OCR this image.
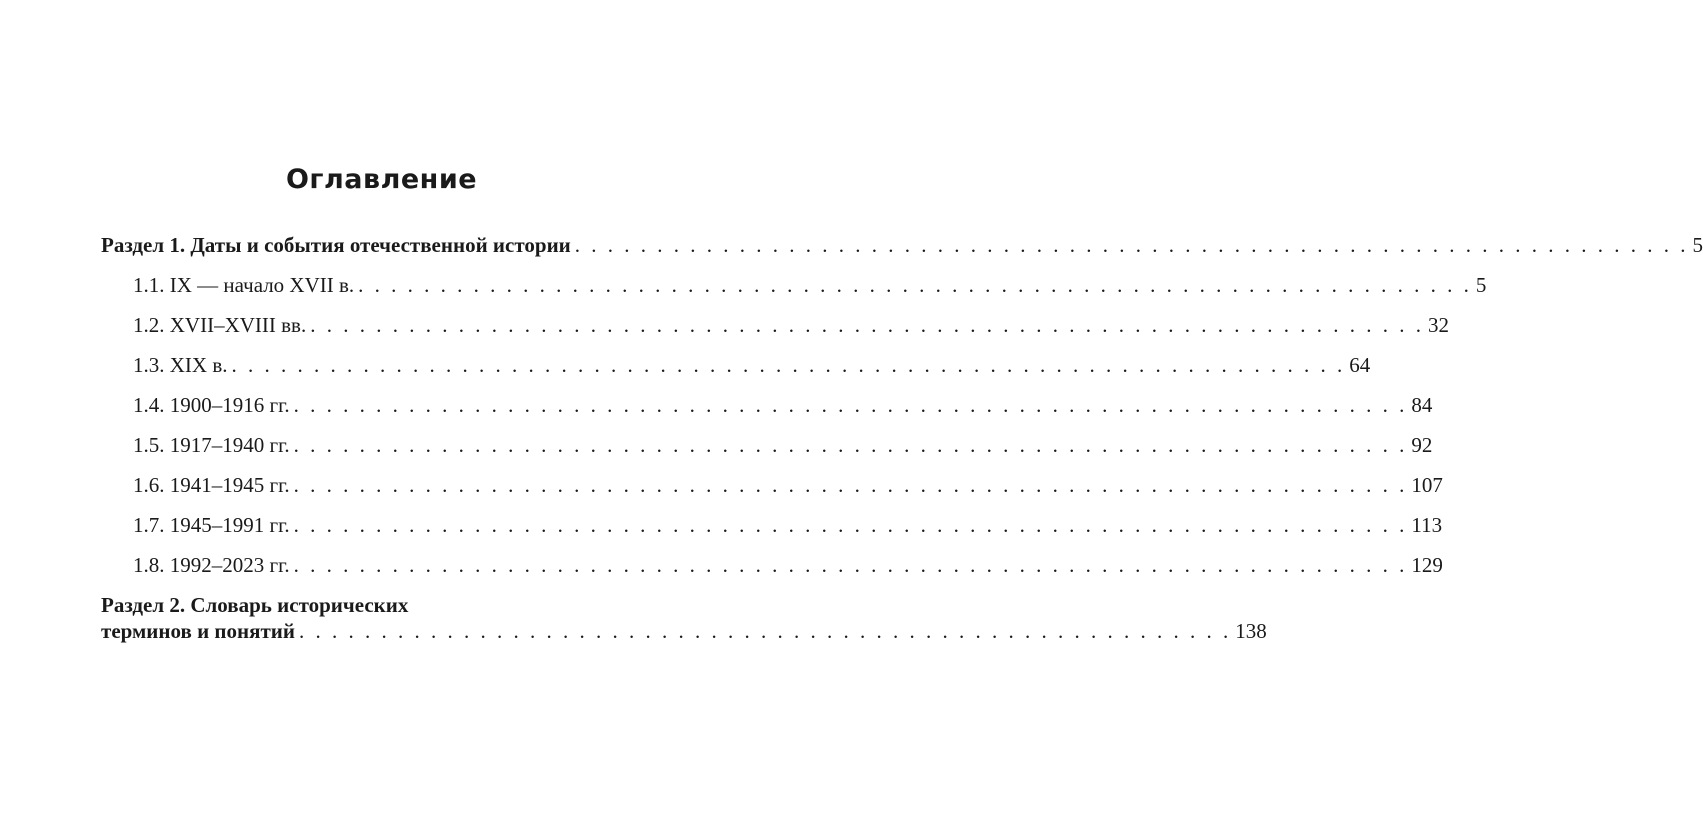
Оглавление
Раздел 1. Даты и события отечественной истории . . .	5
1.1. IX — начало XVII в. . . .	5
1.2. XVII–XVIII вв. . . .	32
1.3. XIX в. . . .	64
1.4. 1900–1916 гг. . . .	84
1.5. 1917–1940 гг. . . .	92
1.6. 1941–1945 гг. . . .	107
1.7. 1945–1991 гг. . . .	113
1.8. 1992–2023 гг. . . .	129
Раздел 2. Словарь исторических
терминов и понятий . . . . . . . . . . . . . . . . . . . . . . . . . . . . . . . . . . . . . . . . . . . . . . . . . . . . . . . . . 138
